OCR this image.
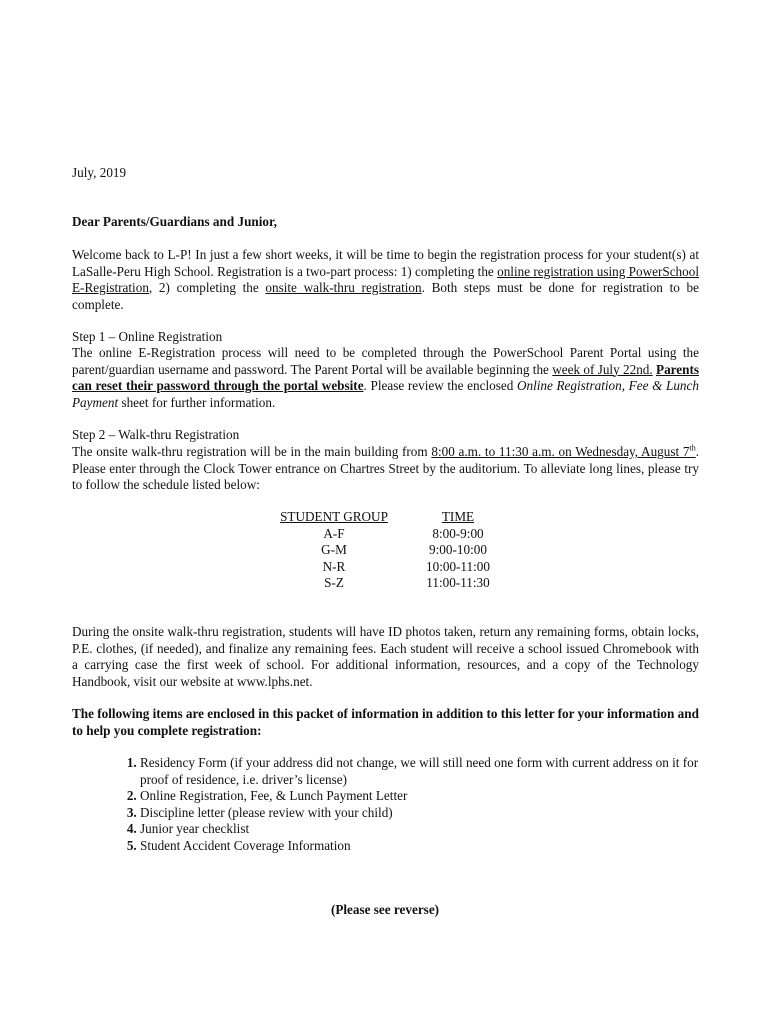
July, 2019

Dear Parents/Guardians and Junior,

Welcome back to L-P! In just a few short weeks, it will be time to begin the registration process for your student(s) at LaSalle-Peru High School. Registration is a two-part process: 1) completing the online registration using PowerSchool E-Registration, 2) completing the onsite walk-thru registration. Both steps must be done for registration to be complete.

Step 1 – Online Registration

The online E-Registration process will need to be completed through the PowerSchool Parent Portal using the parent/guardian username and password. The Parent Portal will be available beginning the week of July 22nd. Parents can reset their password through the portal website. Please review the enclosed Online Registration, Fee & Lunch Payment sheet for further information.

Step 2 – Walk-thru Registration

The onsite walk-thru registration will be in the main building from 8:00 a.m. to 11:30 a.m. on Wednesday, August 7th. Please enter through the Clock Tower entrance on Chartres Street by the auditorium. To alleviate long lines, please try to follow the schedule listed below:

STUDENT GROUP	TIME
A-F	8:00-9:00
G-M	9:00-10:00
N-R	10:00-11:00
S-Z	11:00-11:30

During the onsite walk-thru registration, students will have ID photos taken, return any remaining forms, obtain locks, P.E. clothes, (if needed), and finalize any remaining fees. Each student will receive a school issued Chromebook with a carrying case the first week of school. For additional information, resources, and a copy of the Technology Handbook, visit our website at www.lphs.net.

The following items are enclosed in this packet of information in addition to this letter for your information and to help you complete registration:

1. Residency Form (if your address did not change, we will still need one form with current address on it for proof of residence, i.e. driver’s license)
2. Online Registration, Fee, & Lunch Payment Letter
3. Discipline letter (please review with your child)
4. Junior year checklist
5. Student Accident Coverage Information
(Please see reverse)
